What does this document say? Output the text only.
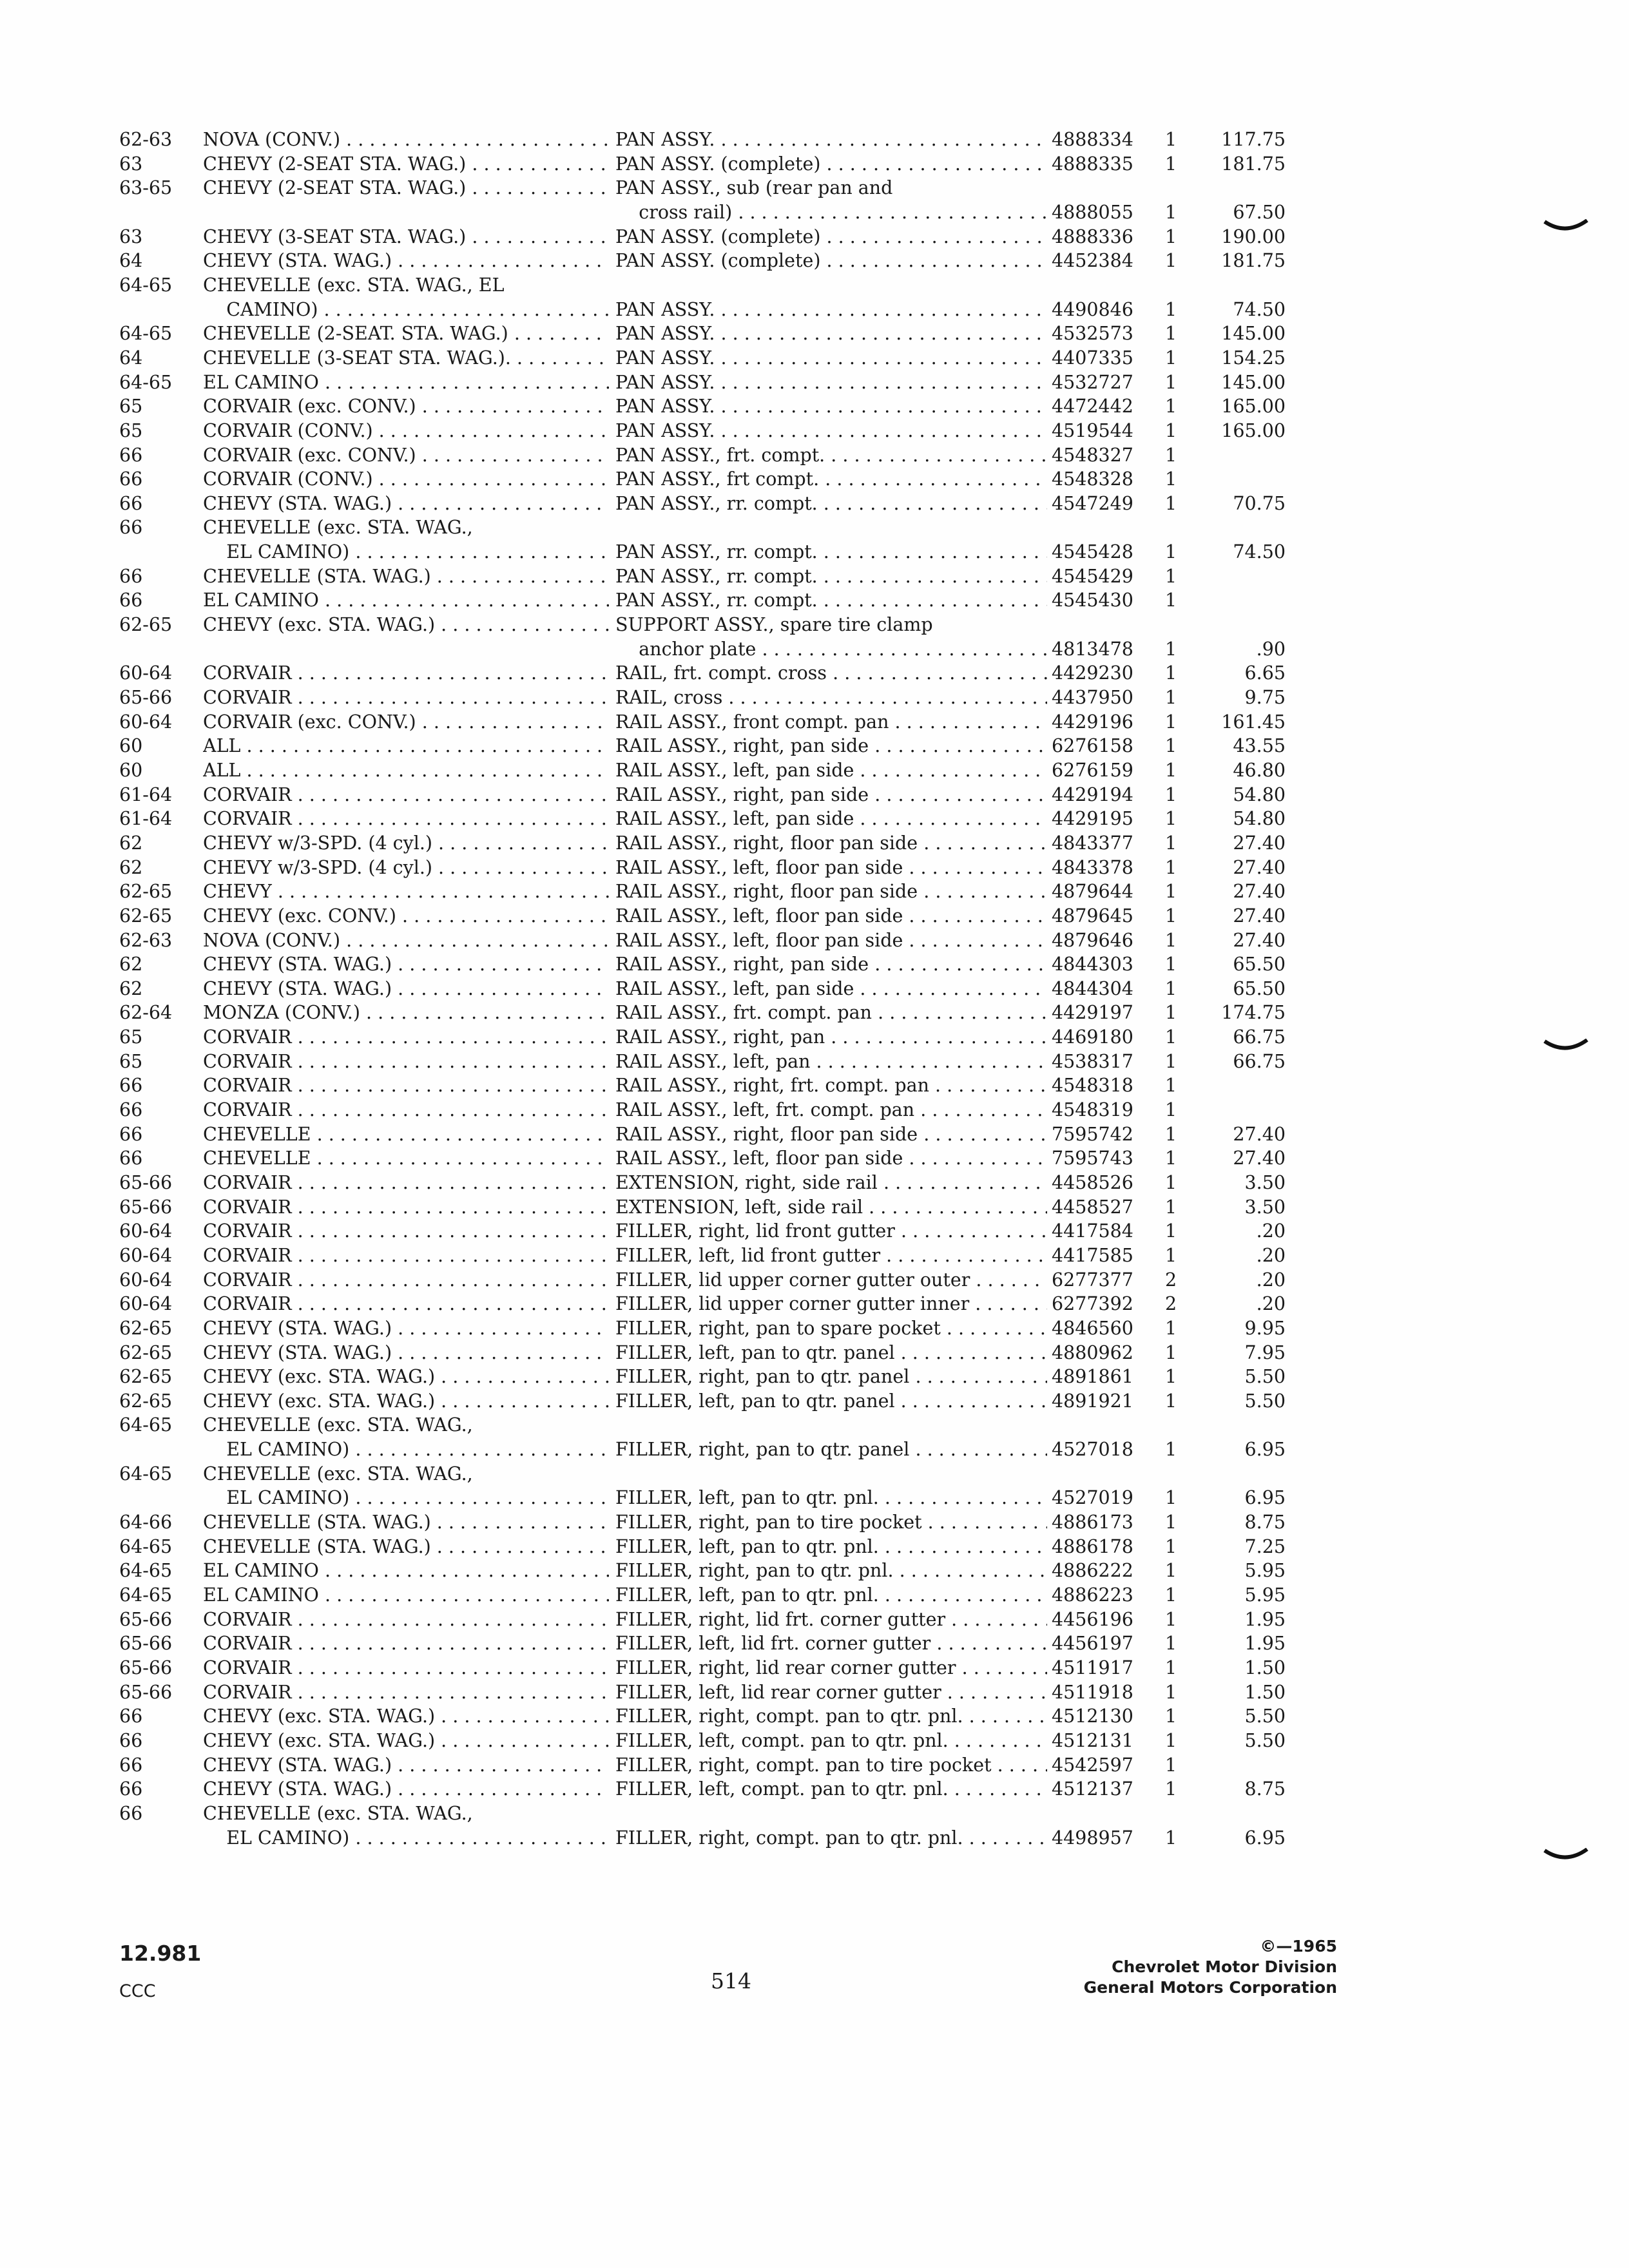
62-63	NOVA (CONV.) . . .	PAN ASSY. . . .	4888334	1	117.75
63	CHEVY (2-SEAT STA. WAG.) . . .	PAN ASSY. (complete) . . .	4888335	1	181.75
63-65	CHEVY (2-SEAT STA. WAG.) . . .	PAN ASSY., sub (rear pan and
cross rail) . . .	4888055	1	67.50
63	CHEVY (3-SEAT STA. WAG.) . . .	PAN ASSY. (complete) . . .	4888336	1	190.00
64	CHEVY (STA. WAG.) . . .	PAN ASSY. (complete) . . .	4452384	1	181.75
64-65	CHEVELLE (exc. STA. WAG., EL
CAMINO) . . .	PAN ASSY. . . .	4490846	1	74.50
64-65	CHEVELLE (2-SEAT. STA. WAG.) . . . .	PAN ASSY. . . .	4532573	1	145.00
64	CHEVELLE (3-SEAT STA. WAG.). . . . .	PAN ASSY. . . .	4407335	1	154.25
64-65	EL CAMINO . . .	PAN ASSY. . . .	4532727	1	145.00
65	CORVAIR (exc. CONV.) . . .	PAN ASSY. . . .	4472442	1	165.00
65	CORVAIR (CONV.) . . .	PAN ASSY. . . .	4519544	1	165.00
66	CORVAIR (exc. CONV.) . . .	PAN ASSY., frt. compt. . . .	4548327	1
66	CORVAIR (CONV.) . . .	PAN ASSY., frt compt. . . .	4548328	1
66	CHEVY (STA. WAG.) . . .	PAN ASSY., rr. compt. . . .	4547249	1	70.75
66	CHEVELLE (exc. STA. WAG.,
EL CAMINO) . . .	PAN ASSY., rr. compt. . . .	4545428	1	74.50
66	CHEVELLE (STA. WAG.) . . .	PAN ASSY., rr. compt. . . .	4545429	1
66	EL CAMINO . . .	PAN ASSY., rr. compt. . . .	4545430	1
62-65	CHEVY (exc. STA. WAG.) . . .	SUPPORT ASSY., spare tire clamp
anchor plate . . .	4813478	1	.90
60-64	CORVAIR . . .	RAIL, frt. compt. cross . . .	4429230	1	6.65
65-66	CORVAIR . . .	RAIL, cross . . .	4437950	1	9.75
60-64	CORVAIR (exc. CONV.) . . .	RAIL ASSY., front compt. pan . . .	4429196	1	161.45
60	ALL . . .	RAIL ASSY., right, pan side . . .	6276158	1	43.55
60	ALL . . .	RAIL ASSY., left, pan side . . .	6276159	1	46.80
61-64	CORVAIR . . .	RAIL ASSY., right, pan side . . .	4429194	1	54.80
61-64	CORVAIR . . .	RAIL ASSY., left, pan side . . .	4429195	1	54.80
62	CHEVY w/3-SPD. (4 cyl.) . . .	RAIL ASSY., right, floor pan side . . .	4843377	1	27.40
62	CHEVY w/3-SPD. (4 cyl.) . . .	RAIL ASSY., left, floor pan side . . .	4843378	1	27.40
62-65	CHEVY . . .	RAIL ASSY., right, floor pan side . . .	4879644	1	27.40
62-65	CHEVY (exc. CONV.) . . .	RAIL ASSY., left, floor pan side . . .	4879645	1	27.40
62-63	NOVA (CONV.) . . .	RAIL ASSY., left, floor pan side . . .	4879646	1	27.40
62	CHEVY (STA. WAG.) . . .	RAIL ASSY., right, pan side . . .	4844303	1	65.50
62	CHEVY (STA. WAG.) . . .	RAIL ASSY., left, pan side . . .	4844304	1	65.50
62-64	MONZA (CONV.) . . .	RAIL ASSY., frt. compt. pan . . .	4429197	1	174.75
65	CORVAIR . . .	RAIL ASSY., right, pan . . .	4469180	1	66.75
65	CORVAIR . . .	RAIL ASSY., left, pan . . .	4538317	1	66.75
66	CORVAIR . . .	RAIL ASSY., right, frt. compt. pan . . .	4548318	1
66	CORVAIR . . .	RAIL ASSY., left, frt. compt. pan . . .	4548319	1
66	CHEVELLE . . .	RAIL ASSY., right, floor pan side . . .	7595742	1	27.40
66	CHEVELLE . . .	RAIL ASSY., left, floor pan side . . .	7595743	1	27.40
65-66	CORVAIR . . .	EXTENSION, right, side rail . . .	4458526	1	3.50
65-66	CORVAIR . . .	EXTENSION, left, side rail . . .	4458527	1	3.50
60-64	CORVAIR . . .	FILLER, right, lid front gutter . . .	4417584	1	.20
60-64	CORVAIR . . .	FILLER, left, lid front gutter . . .	4417585	1	.20
60-64	CORVAIR . . .	FILLER, lid upper corner gutter outer . . .	6277377	2	.20
60-64	CORVAIR . . .	FILLER, lid upper corner gutter inner . . .	6277392	2	.20
62-65	CHEVY (STA. WAG.) . . .	FILLER, right, pan to spare pocket . . .	4846560	1	9.95
62-65	CHEVY (STA. WAG.) . . .	FILLER, left, pan to qtr. panel . . .	4880962	1	7.95
62-65	CHEVY (exc. STA. WAG.) . . .	FILLER, right, pan to qtr. panel . . .	4891861	1	5.50
62-65	CHEVY (exc. STA. WAG.) . . .	FILLER, left, pan to qtr. panel . . .	4891921	1	5.50
64-65	CHEVELLE (exc. STA. WAG.,
EL CAMINO) . . .	FILLER, right, pan to qtr. panel . . .	4527018	1	6.95
64-65	CHEVELLE (exc. STA. WAG.,
EL CAMINO) . . .	FILLER, left, pan to qtr. pnl. . . .	4527019	1	6.95
64-66	CHEVELLE (STA. WAG.) . . .	FILLER, right, pan to tire pocket . . .	4886173	1	8.75
64-65	CHEVELLE (STA. WAG.) . . .	FILLER, left, pan to qtr. pnl. . . .	4886178	1	7.25
64-65	EL CAMINO . . .	FILLER, right, pan to qtr. pnl. . . .	4886222	1	5.95
64-65	EL CAMINO . . .	FILLER, left, pan to qtr. pnl. . . .	4886223	1	5.95
65-66	CORVAIR . . .	FILLER, right, lid frt. corner gutter . . .	4456196	1	1.95
65-66	CORVAIR . . .	FILLER, left, lid frt. corner gutter . . .	4456197	1	1.95
65-66	CORVAIR . . .	FILLER, right, lid rear corner gutter . . .	4511917	1	1.50
65-66	CORVAIR . . .	FILLER, left, lid rear corner gutter . . .	4511918	1	1.50
66	CHEVY (exc. STA. WAG.) . . .	FILLER, right, compt. pan to qtr. pnl. . . .	4512130	1	5.50
66	CHEVY (exc. STA. WAG.) . . .	FILLER, left, compt. pan to qtr. pnl. . . .	4512131	1	5.50
66	CHEVY (STA. WAG.) . . .	FILLER, right, compt. pan to tire pocket . . .	4542597	1
66	CHEVY (STA. WAG.) . . .	FILLER, left, compt. pan to qtr. pnl. . . .	4512137	1	8.75
66	CHEVELLE (exc. STA. WAG.,
EL CAMINO) . . .	FILLER, right, compt. pan to qtr. pnl. . . .	4498957	1	6.95
12.981
CCC	514
©—1965
Chevrolet Motor Division
General Motors Corporation
